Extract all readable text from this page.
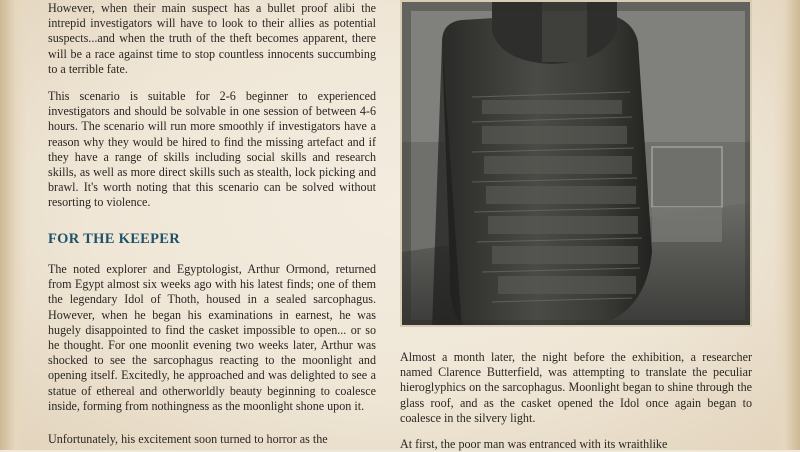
However, when their main suspect has a bullet proof alibi the intrepid investigators will have to look to their allies as potential suspects...and when the truth of the theft becomes apparent, there will be a race against time to stop countless innocents succumbing to a terrible fate.

This scenario is suitable for 2-6 beginner to experienced investigators and should be solvable in one session of between 4-6 hours. The scenario will run more smoothly if investigators have a reason why they would be hired to find the missing artefact and if they have a range of skills including social skills and research skills, as well as more direct skills such as stealth, lock picking and brawl. It's worth noting that this scenario can be solved without resorting to violence.

FOR THE KEEPER

The noted explorer and Egyptologist, Arthur Ormond, returned from Egypt almost six weeks ago with his latest finds; one of them the legendary Idol of Thoth, housed in a sealed sarcophagus. However, when he began his examinations in earnest, he was hugely disappointed to find the casket impossible to open... or so he thought. For one moonlit evening two weeks later, Arthur was shocked to see the sarcophagus reacting to the moonlight and opening itself. Excitedly, he approached and was delighted to see a statue of ethereal and otherworldly beauty beginning to coalesce inside, forming from nothingness as the moonlight shone upon it.

Unfortunately, his excitement soon turned to horror as the

Almost a month later, the night before the exhibition, a researcher named Clarence Butterfield, was attempting to translate the peculiar hieroglyphics on the sarcophagus. Moonlight began to shine through the glass roof, and as the casket opened the Idol once again began to coalesce in the silvery light.

At first, the poor man was entranced with its wraithlike
